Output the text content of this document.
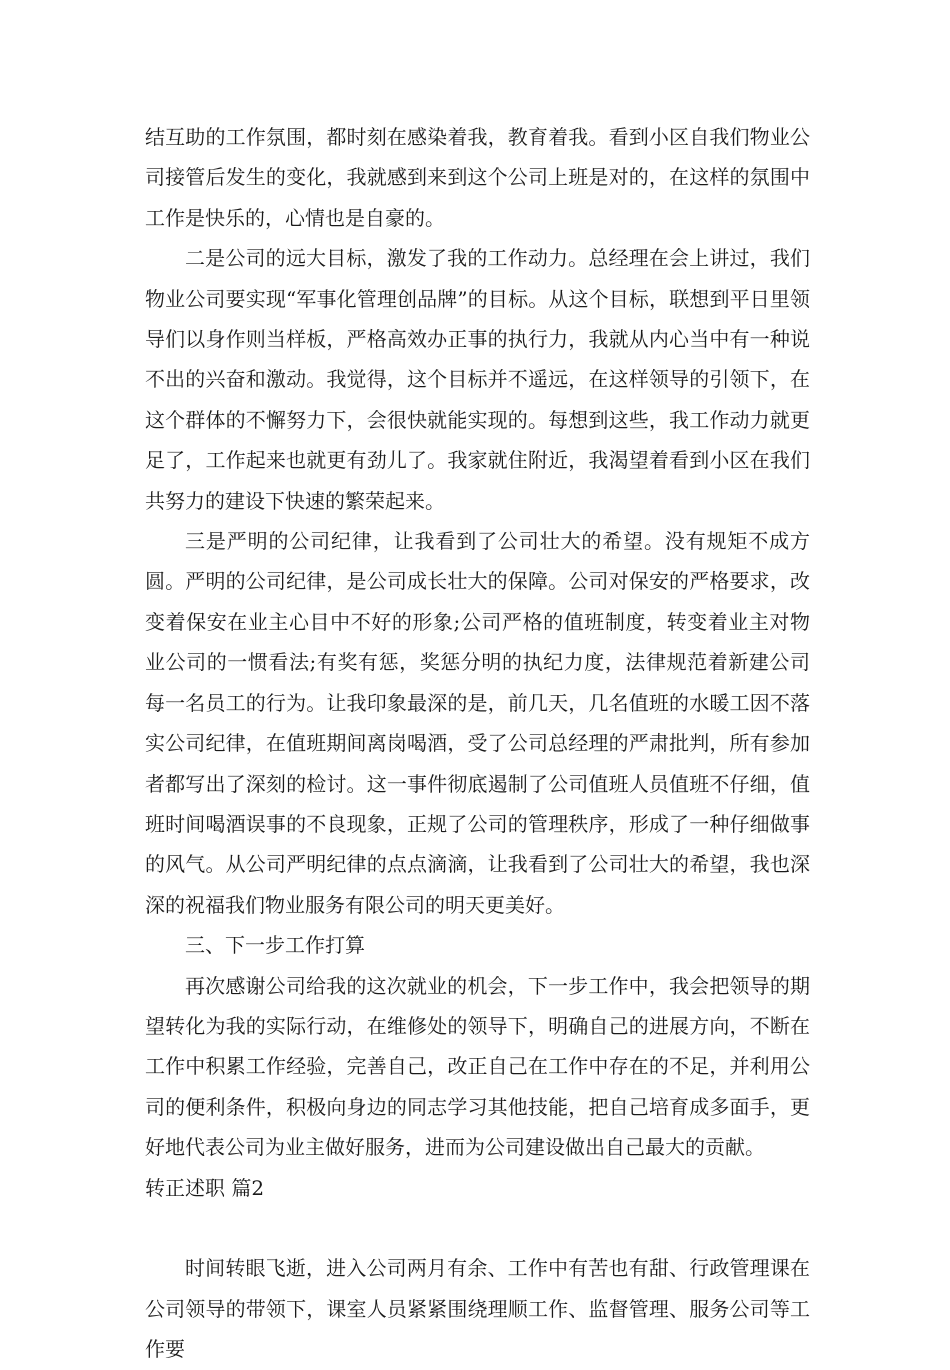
结互助的工作氛围，都时刻在感染着我，教育着我。看到小区自我们物业公司接管后发生的变化，我就感到来到这个公司上班是对的，在这样的氛围中工作是快乐的，心情也是自豪的。

二是公司的远大目标，激发了我的工作动力。总经理在会上讲过，我们物业公司要实现“军事化管理创品牌”的目标。从这个目标，联想到平日里领导们以身作则当样板，严格高效办正事的执行力，我就从内心当中有一种说不出的兴奋和激动。我觉得，这个目标并不遥远，在这样领导的引领下，在这个群体的不懈努力下，会很快就能实现的。每想到这些，我工作动力就更足了，工作起来也就更有劲儿了。我家就住附近，我渴望着看到小区在我们共努力的建设下快速的繁荣起来。

三是严明的公司纪律，让我看到了公司壮大的希望。没有规矩不成方圆。严明的公司纪律，是公司成长壮大的保障。公司对保安的严格要求，改变着保安在业主心目中不好的形象;公司严格的值班制度，转变着业主对物业公司的一惯看法;有奖有惩，奖惩分明的执纪力度，法律规范着新建公司每一名员工的行为。让我印象最深的是，前几天，几名值班的水暖工因不落实公司纪律，在值班期间离岗喝酒，受了公司总经理的严肃批判，所有参加者都写出了深刻的检讨。这一事件彻底遏制了公司值班人员值班不仔细，值班时间喝酒误事的不良现象，正规了公司的管理秩序，形成了一种仔细做事的风气。从公司严明纪律的点点滴滴，让我看到了公司壮大的希望，我也深深的祝福我们物业服务有限公司的明天更美好。

三、下一步工作打算

再次感谢公司给我的这次就业的机会，下一步工作中，我会把领导的期望转化为我的实际行动，在维修处的领导下，明确自己的进展方向，不断在工作中积累工作经验，完善自己，改正自己在工作中存在的不足，并利用公司的便利条件，积极向身边的同志学习其他技能，把自己培育成多面手，更好地代表公司为业主做好服务，进而为公司建设做出自己最大的贡献。

转正述职 篇2

时间转眼飞逝，进入公司两月有余、工作中有苦也有甜、行政管理课在公司领导的带领下，课室人员紧紧围绕理顺工作、监督管理、服务公司等工作要
